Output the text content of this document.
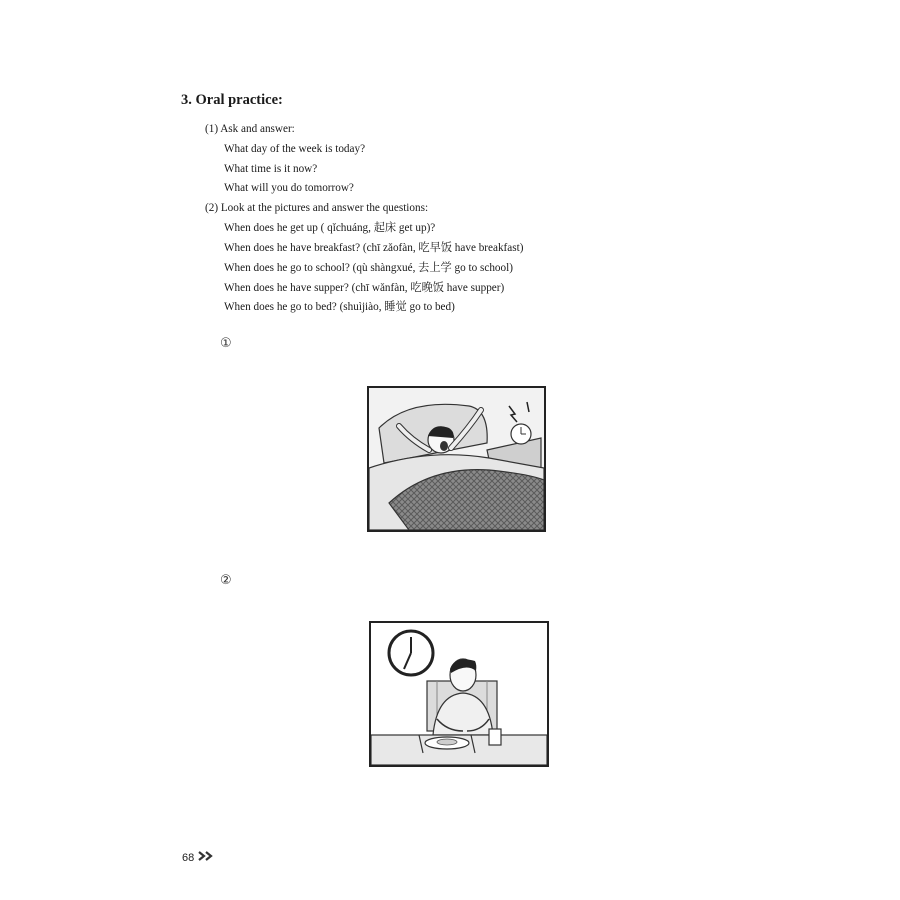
3. Oral practice:
(1) Ask and answer:
What day of the week is today?
What time is it now?
What will you do tomorrow?
(2) Look at the pictures and answer the questions:
When does he get up ( qǐchuáng, 起床 get up)?
When does he have breakfast? (chī zǎofàn, 吃早饭 have breakfast)
When does he go to school? (qù shàngxué, 去上学 go to school)
When does he have supper? (chī wǎnfàn, 吃晚饭 have supper)
When does he go to bed? (shuìjiào, 睡觉 go to bed)
①
②
68
